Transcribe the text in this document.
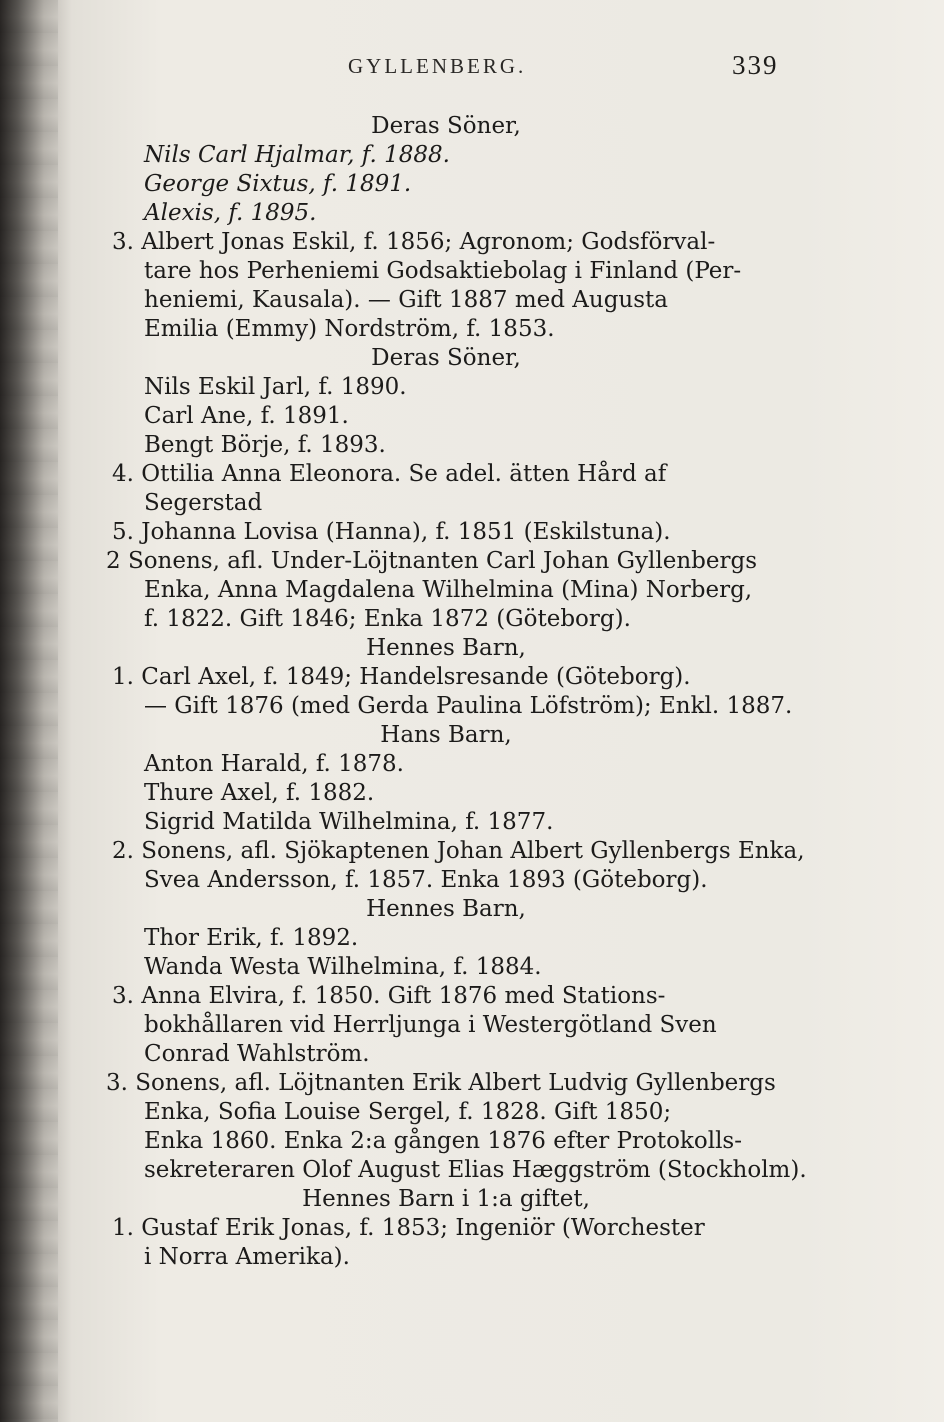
GYLLENBERG.	339
Deras Söner,
Nils Carl Hjalmar, f. 1888.
George Sixtus, f. 1891.
Alexis, f. 1895.
3. Albert Jonas Eskil, f. 1856; Agronom; Godsförval-
tare hos Perheniemi Godsaktiebolag i Finland (Per-
heniemi, Kausala). — Gift 1887 med Augusta
Emilia (Emmy) Nordström, f. 1853.
Deras Söner,
Nils Eskil Jarl, f. 1890.
Carl Ane, f. 1891.
Bengt Börje, f. 1893.
4. Ottilia Anna Eleonora. Se adel. ätten Hård af
Segerstad
5. Johanna Lovisa (Hanna), f. 1851 (Eskilstuna).
2 Sonens, afl. Under-Löjtnanten Carl Johan Gyllenbergs
Enka, Anna Magdalena Wilhelmina (Mina) Norberg,
f. 1822. Gift 1846; Enka 1872 (Göteborg).
Hennes Barn,
1. Carl Axel, f. 1849; Handelsresande (Göteborg).
— Gift 1876 (med Gerda Paulina Löfström); Enkl. 1887.
Hans Barn,
Anton Harald, f. 1878.
Thure Axel, f. 1882.
Sigrid Matilda Wilhelmina, f. 1877.
2. Sonens, afl. Sjökaptenen Johan Albert Gyllenbergs Enka,
Svea Andersson, f. 1857. Enka 1893 (Göteborg).
Hennes Barn,
Thor Erik, f. 1892.
Wanda Westa Wilhelmina, f. 1884.
3. Anna Elvira, f. 1850. Gift 1876 med Stations-
bokhållaren vid Herrljunga i Westergötland Sven
Conrad Wahlström.
3. Sonens, afl. Löjtnanten Erik Albert Ludvig Gyllenbergs
Enka, Sofia Louise Sergel, f. 1828. Gift 1850;
Enka 1860. Enka 2:a gången 1876 efter Protokolls-
sekreteraren Olof August Elias Hæggström (Stockholm).
Hennes Barn i 1:a giftet,
1. Gustaf Erik Jonas, f. 1853; Ingeniör (Worchester
i Norra Amerika).
